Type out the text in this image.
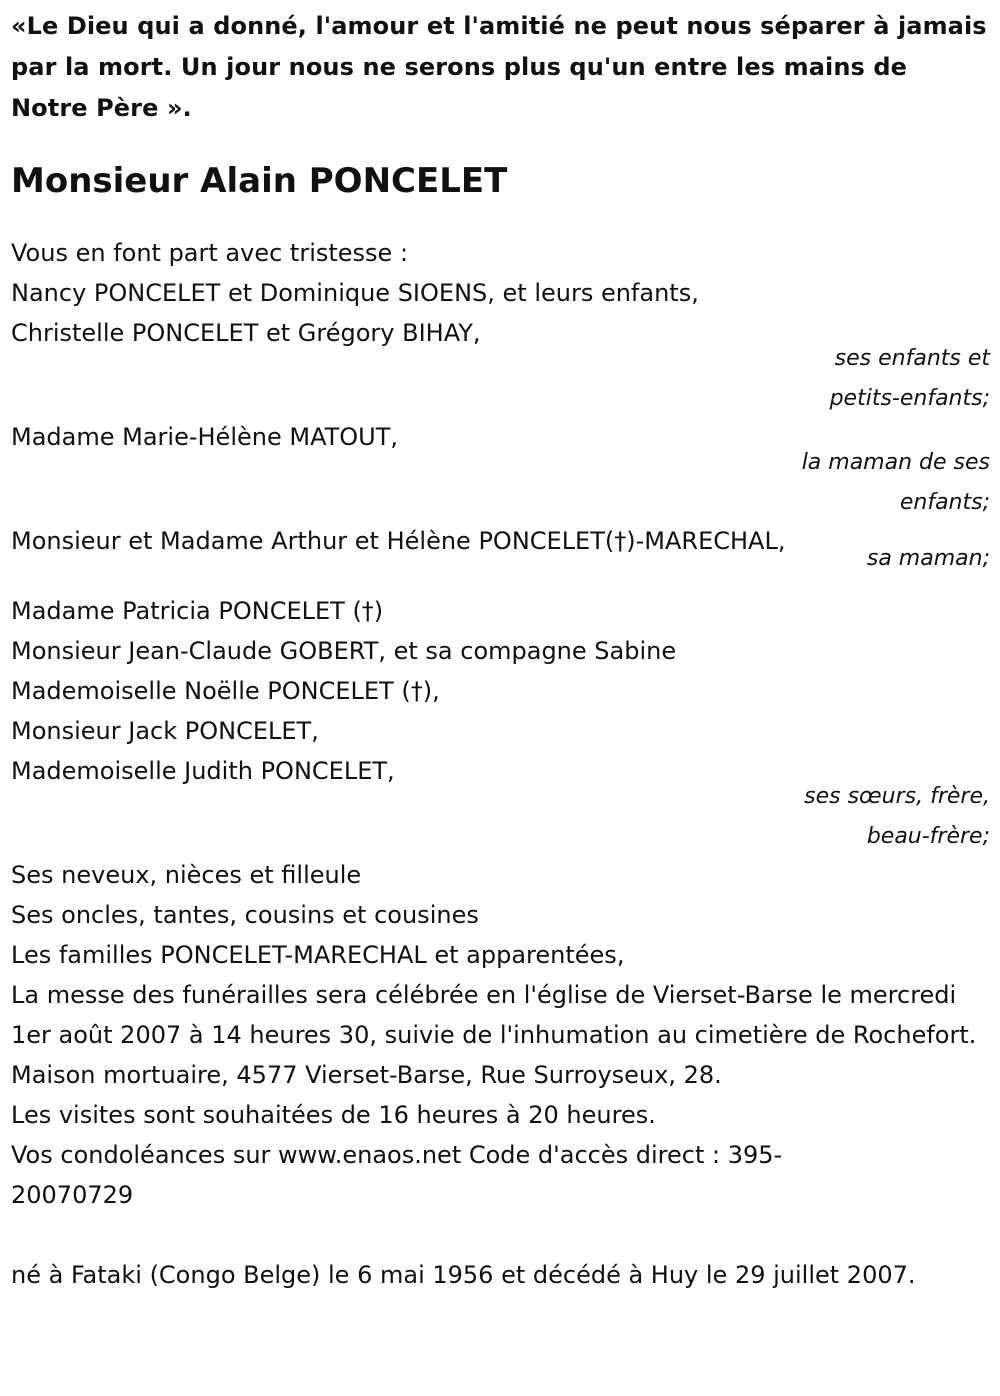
«Le Dieu qui a donné, l'amour et l'amitié ne peut nous séparer à jamais par la mort. Un jour nous ne serons plus qu'un entre les mains de Notre Père ».

Monsieur Alain PONCELET
Vous en font part avec tristesse :
Nancy PONCELET et Dominique SIOENS, et leurs enfants,
Christelle PONCELET et Grégory BIHAY,
ses enfants et
petits-enfants;
Madame Marie-Hélène MATOUT,
la maman de ses
enfants;
Monsieur et Madame Arthur et Hélène PONCELET(†)-MARECHAL,
sa maman;
Madame Patricia PONCELET (†)
Monsieur Jean-Claude GOBERT, et sa compagne Sabine
Mademoiselle Noëlle PONCELET (†),
Monsieur Jack PONCELET,
Mademoiselle Judith PONCELET,
ses sœurs, frère,
beau-frère;
Ses neveux, nièces et filleule
Ses oncles, tantes, cousins et cousines
Les familles PONCELET-MARECHAL et apparentées,
La messe des funérailles sera célébrée en l'église de Vierset-Barse le mercredi 1er août 2007 à 14 heures 30, suivie de l'inhumation au cimetière de Rochefort.
Maison mortuaire, 4577 Vierset-Barse, Rue Surroyseux, 28.
Les visites sont souhaitées de 16 heures à 20 heures.
Vos condoléances sur www.enaos.net Code d'accès direct : 395-20070729
né à Fataki (Congo Belge) le 6 mai 1956 et décédé à Huy le 29 juillet 2007.
